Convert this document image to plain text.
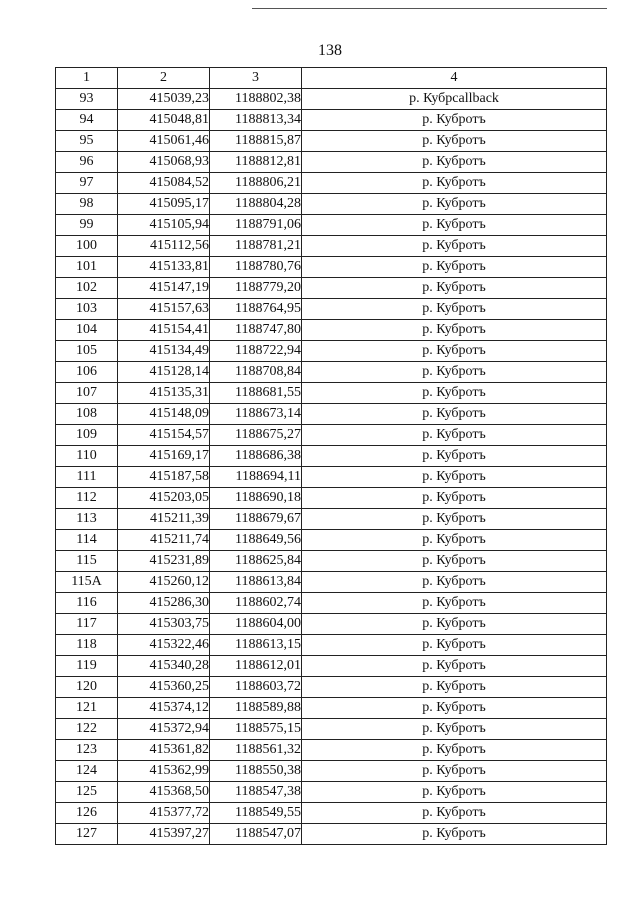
138
1	2	3	4
93	415039,23	1188802,38	р. Кубрcallback
94	415048,81	1188813,34	р. Кубротъ
95	415061,46	1188815,87	р. Кубротъ
96	415068,93	1188812,81	р. Кубротъ
97	415084,52	1188806,21	р. Кубротъ
98	415095,17	1188804,28	р. Кубротъ
99	415105,94	1188791,06	р. Кубротъ
100	415112,56	1188781,21	р. Кубротъ
101	415133,81	1188780,76	р. Кубротъ
102	415147,19	1188779,20	р. Кубротъ
103	415157,63	1188764,95	р. Кубротъ
104	415154,41	1188747,80	р. Кубротъ
105	415134,49	1188722,94	р. Кубротъ
106	415128,14	1188708,84	р. Кубротъ
107	415135,31	1188681,55	р. Кубротъ
108	415148,09	1188673,14	р. Кубротъ
109	415154,57	1188675,27	р. Кубротъ
110	415169,17	1188686,38	р. Кубротъ
111	415187,58	1188694,11	р. Кубротъ
112	415203,05	1188690,18	р. Кубротъ
113	415211,39	1188679,67	р. Кубротъ
114	415211,74	1188649,56	р. Кубротъ
115	415231,89	1188625,84	р. Кубротъ
115А	415260,12	1188613,84	р. Кубротъ
116	415286,30	1188602,74	р. Кубротъ
117	415303,75	1188604,00	р. Кубротъ
118	415322,46	1188613,15	р. Кубротъ
119	415340,28	1188612,01	р. Кубротъ
120	415360,25	1188603,72	р. Кубротъ
121	415374,12	1188589,88	р. Кубротъ
122	415372,94	1188575,15	р. Кубротъ
123	415361,82	1188561,32	р. Кубротъ
124	415362,99	1188550,38	р. Кубротъ
125	415368,50	1188547,38	р. Кубротъ
126	415377,72	1188549,55	р. Кубротъ
127	415397,27	1188547,07	р. Кубротъ
